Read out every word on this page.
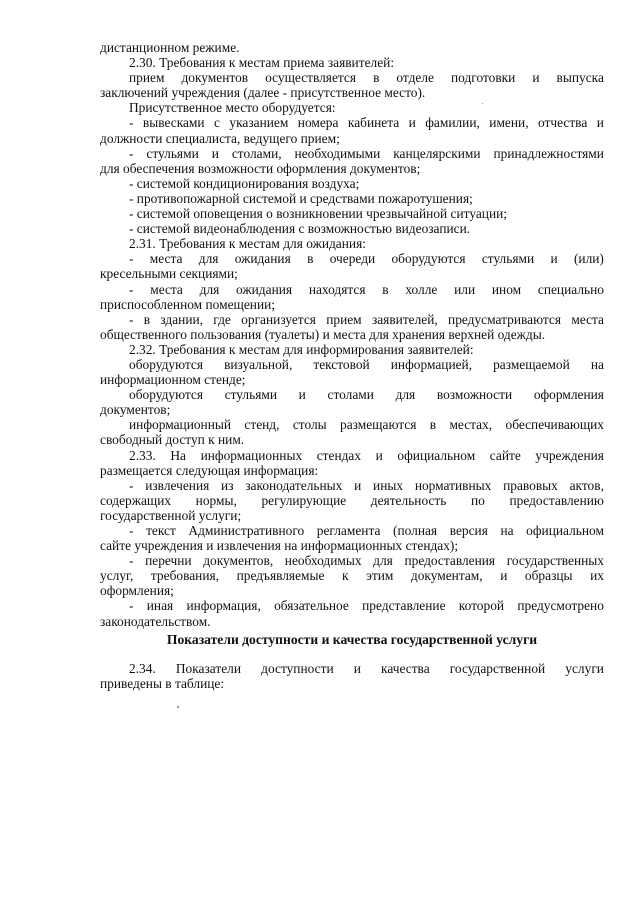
дистанционном режиме.
2.30. Требования к местам приема заявителей:
прием документов осуществляется в отделе подготовки и выпуска
заключений учреждения (далее - присутственное место).
Присутственное место оборудуется:
- вывесками с указанием номера кабинета и фамилии, имени, отчества и
должности специалиста, ведущего прием;
- стульями и столами, необходимыми канцелярскими принадлежностями
для обеспечения возможности оформления документов;
- системой кондиционирования воздуха;
- противопожарной системой и средствами пожаротушения;
- системой оповещения о возникновении чрезвычайной ситуации;
- системой видеонаблюдения с возможностью видеозаписи.
2.31. Требования к местам для ожидания:
- места для ожидания в очереди оборудуются стульями и (или)
кресельными секциями;
- места для ожидания находятся в холле или ином специально
приспособленном помещении;
- в здании, где организуется прием заявителей, предусматриваются места
общественного пользования (туалеты) и места для хранения верхней одежды.
2.32. Требования к местам для информирования заявителей:
оборудуются визуальной, текстовой информацией, размещаемой на
информационном стенде;
оборудуются стульями и столами для возможности оформления
документов;
информационный стенд, столы размещаются в местах, обеспечивающих
свободный доступ к ним.
2.33. На информационных стендах и официальном сайте учреждения
размещается следующая информация:
- извлечения из законодательных и иных нормативных правовых актов,
содержащих нормы, регулирующие деятельность по предоставлению
государственной услуги;
- текст Административного регламента (полная версия на официальном
сайте учреждения и извлечения на информационных стендах);
- перечни документов, необходимых для предоставления государственных
услуг, требования, предъявляемые к этим документам, и образцы их
оформления;
- иная информация, обязательное представление которой предусмотрено
законодательством.
Показатели доступности и качества государственной услуги
2.34. Показатели доступности и качества государственной услуги
приведены в таблице:
